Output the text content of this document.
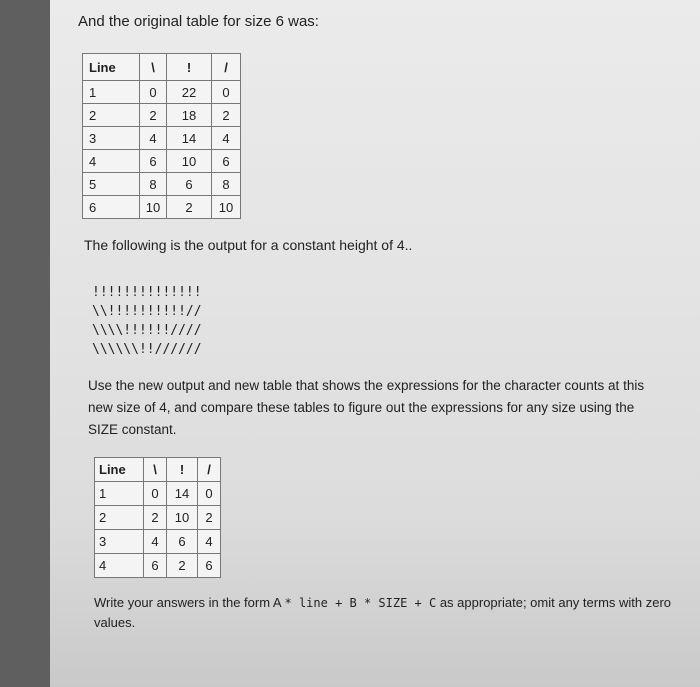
And the original table for size 6 was:
Line	\	!	/
1	0	22	0
2	2	18	2
3	4	14	4
4	6	10	6
5	8	6	8
6	10	2	10
The following is the output for a constant height of 4..
!!!!!!!!!!!!!!
\\!!!!!!!!!!//
\\\\!!!!!!////
\\\\\\!!//////
Use the new output and new table that shows the expressions for the character counts at this new size of 4, and compare these tables to figure out the expressions for any size using the SIZE constant.
Line	\	!	/
1	0	14	0
2	2	10	2
3	4	6	4
4	6	2	6
Write your answers in the form A * line + B * SIZE + C as appropriate; omit any terms with zero values.
